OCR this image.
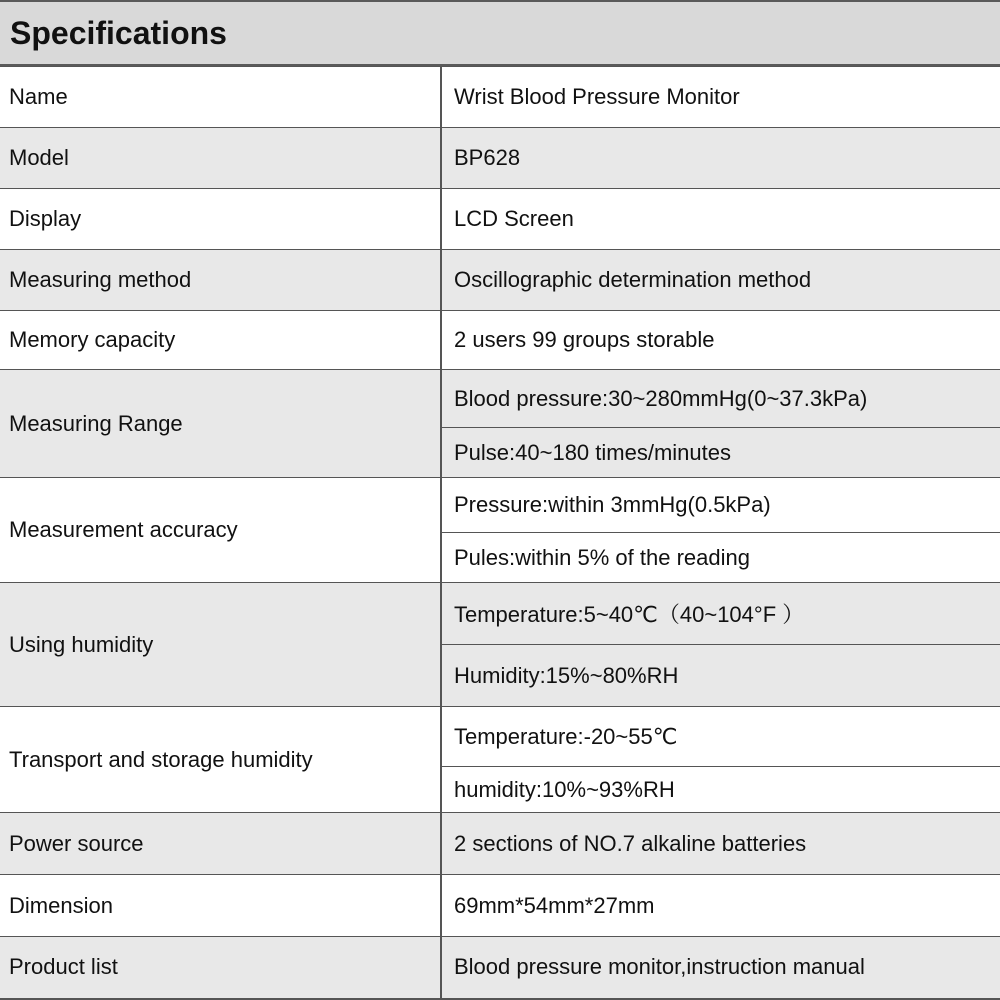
Specifications
Name	Wrist Blood Pressure Monitor
Model	BP628
Display	LCD Screen
Measuring method	Oscillographic determination method
Memory capacity	2 users 99 groups storable
Measuring Range	Blood pressure:30~280mmHg(0~37.3kPa)
	Pulse:40~180 times/minutes
Measurement accuracy	Pressure:within 3mmHg(0.5kPa)
	Pules:within 5% of the reading
Using humidity	Temperature:5~40℃（40~104°F ）
	Humidity:15%~80%RH
Transport and storage humidity	Temperature:-20~55℃
	humidity:10%~93%RH
Power source	2 sections of NO.7 alkaline batteries
Dimension	69mm*54mm*27mm
Product list	Blood pressure monitor,instruction manual
